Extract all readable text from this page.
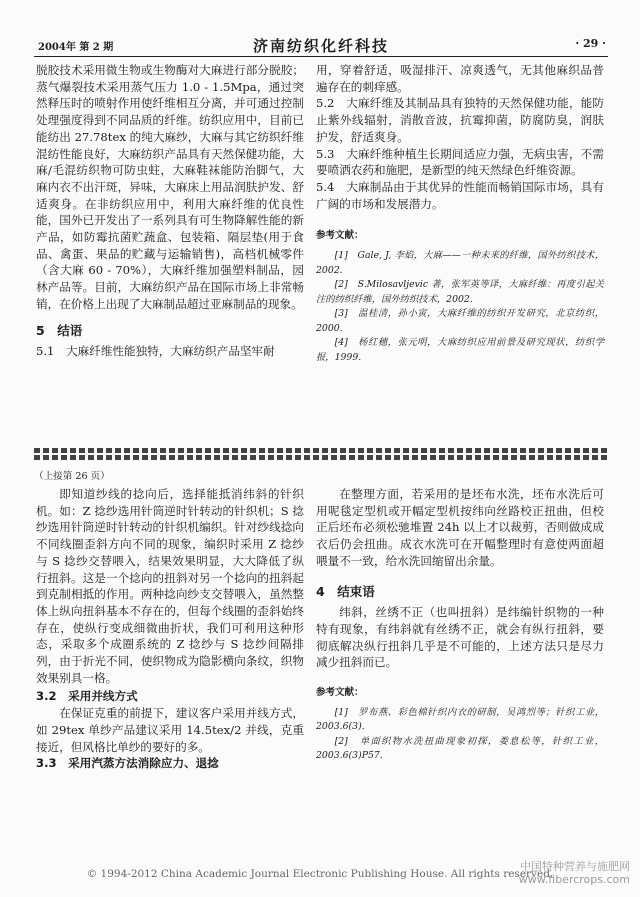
2004年 第 2 期	济南纺织化纤科技	· 29 ·

脱胶技术采用微生物或生物酶对大麻进行部分脱胶；蒸气爆裂技术采用蒸气压力 1.0 - 1.5Mpa，通过突然释压时的喷射作用使纤维相互分离，并可通过控制处理强度得到不同品质的纤维。纺织应用中，目前已能纺出 27.78tex 的纯大麻纱，大麻与其它纺织纤维混纺性能良好，大麻纺织产品具有天然保健功能，大麻/毛混纺织物可防虫蛀，大麻鞋袜能防治脚气，大麻内衣不出汗斑，异味，大麻床上用品润肤护发、舒适爽身。在非纺织应用中，利用大麻纤维的优良性能，国外已开发出了一系列具有可生物降解性能的新产品，如防霉抗菌贮蔬盒、包装箱、隔层垫(用于食品、禽蛋、果品的贮藏与运输销售)，高档机械零件（含大麻 60 - 70%），大麻纤维加强塑料制品，园林产品等。目前，大麻纺织产品在国际市场上非常畅销，在价格上出现了大麻制品超过亚麻制品的现象。

5　结语

5.1　大麻纤维性能独特，大麻纺织产品坚牢耐

用，穿着舒适，吸湿排汗、凉爽透气，无其他麻织品普遍存在的刺痒感。

5.2　大麻纤维及其制品具有独特的天然保健功能，能防止紫外线辐射，消散音波，抗霉抑菌，防腐防臭，润肤护发，舒适爽身。

5.3　大麻纤维种植生长期间适应力强，无病虫害，不需要喷洒农药和施肥，是新型的纯天然绿色纤维资源。

5.4　大麻制品由于其优异的性能而畅销国际市场，具有广阔的市场和发展潜力。

参考文献：

[1]　Gale, J, 李焰，大麻——一种未来的纤维，国外纺织技术，2002.

[2]　S.Milosavljevic 著，张军英等译，大麻纤维：再度引起关注的纺织纤维，国外纺织技术，2002.

[3]　温桂清，孙小寅，大麻纤维的纺织开发研究，北京纺织，2000.

[4]　杨红穗，张元明，大麻纺织应用前景及研究现状，纺织学报，1999.

（上接第 26 页）

即知道纱线的捻向后，选择能抵消纬斜的针织机。如：Z 捻纱选用针筒逆时针转动的针织机；S 捻纱选用针筒逆时针转动的针织机编织。针对纱线捻向不同线圈歪斜方向不同的现象，编织时采用 Z 捻纱与 S 捻纱交替喂入，结果效果明显，大大降低了纵行扭斜。这是一个捻向的扭斜对另一个捻向的扭斜起到克制相抵的作用。两种捻向纱支交替喂入，虽然整体上纵向扭斜基本不存在的，但每个线圈的歪斜始终存在，使纵行变成细微曲折状，我们可利用这种形态，采取多个成圈系统的 Z 捻纱与 S 捻纱间隔排列，由于折光不同，使织物成为隐影横向条纹，织物效果别具一格。

3.2　采用并线方式

在保证克重的前提下，建议客户采用并线方式，如 29tex 单纱产品建议采用 14.5tex/2 并线，克重接近，但风格比单纱的要好的多。

3.3　采用汽蒸方法消除应力、退捻

在整理方面，若采用的是坯布水洗，坯布水洗后可用呢毯定型机或开幅定型机按纬向丝路校正扭曲，但校正后坯布必须松驰堆置 24h 以上才以裁剪，否则做成成衣后仍会扭曲。成衣水洗可在开幅整理时有意使两面超喂量不一致，给水洗回缩留出余量。

4　结束语

纬斜，丝绣不正（也叫扭斜）是纬编针织物的一种特有现象，有纬斜就有丝绣不正，就会有纵行扭斜，要彻底解决纵行扭斜几乎是不可能的，上述方法只是尽力减少扭斜而已。

参考文献：

[1]　罗布燕、彩色棉针织内衣的研制，吴鸿烈等；针织工业，2003.6(3).

[2]　单面织物水洗扭曲现象初探，娄息松等，针织工业，2003.6(3)P57.

© 1994-2012 China Academic Journal Electronic Publishing House. All rights reserved.
中国特种营养与施肥网
www.fibercrops.com
